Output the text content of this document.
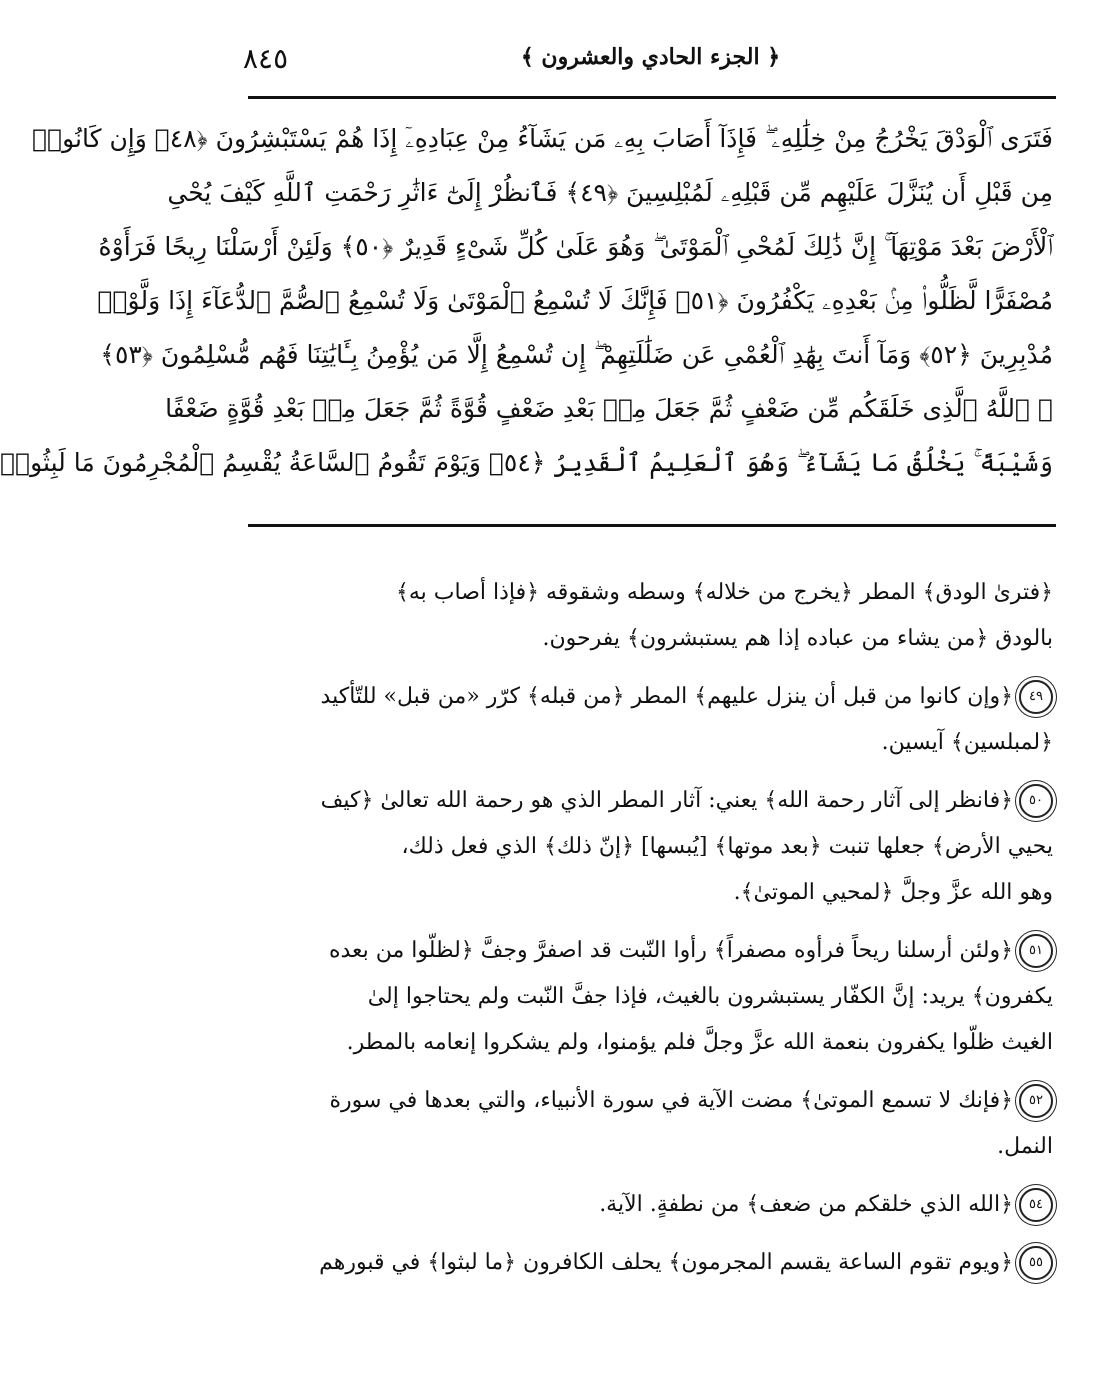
٨٤٥	﴿ الجزء الحادي والعشرون ﴾
فَتَرَى ٱلْوَدْقَ يَخْرُجُ مِنْ خِلَٰلِهِۦ ۖ فَإِذَآ أَصَابَ بِهِۦ مَن يَشَآءُ مِنْ عِبَادِهِۦٓ إِذَا هُمْ يَسْتَبْشِرُونَ ﴿٤٨﴾ وَإِن كَانُوا۟
مِن قَبْلِ أَن يُنَزَّلَ عَلَيْهِم مِّن قَبْلِهِۦ لَمُبْلِسِينَ ﴿٤٩﴾ فَٱنظُرْ إِلَىٰٓ ءَاثَٰرِ رَحْمَتِ ٱللَّهِ كَيْفَ يُحْىِ
ٱلْأَرْضَ بَعْدَ مَوْتِهَآ ۚ إِنَّ ذَٰلِكَ لَمُحْىِ ٱلْمَوْتَىٰ ۖ وَهُوَ عَلَىٰ كُلِّ شَىْءٍ قَدِيرٌ ﴿٥٠﴾ وَلَئِنْ أَرْسَلْنَا رِيحًا فَرَأَوْهُ
مُصْفَرًّا لَّظَلُّوا۟ مِنۢ بَعْدِهِۦ يَكْفُرُونَ ﴿٥١﴾ فَإِنَّكَ لَا تُسْمِعُ ٱلْمَوْتَىٰ وَلَا تُسْمِعُ ٱلصُّمَّ ٱلدُّعَآءَ إِذَا وَلَّوْا۟
مُدْبِرِينَ ﴿٥٢﴾ وَمَآ أَنتَ بِهَٰدِ ٱلْعُمْىِ عَن ضَلَٰلَتِهِمْ ۖ إِن تُسْمِعُ إِلَّا مَن يُؤْمِنُ بِـَٔايَٰتِنَا فَهُم مُّسْلِمُونَ ﴿٥٣﴾
۞ ٱللَّهُ ٱلَّذِى خَلَقَكُم مِّن ضَعْفٍ ثُمَّ جَعَلَ مِنۢ بَعْدِ ضَعْفٍ قُوَّةً ثُمَّ جَعَلَ مِنۢ بَعْدِ قُوَّةٍ ضَعْفًا
وَشَيْبَةً ۚ يَخْلُقُ مَا يَشَآءُ ۖ وَهُوَ ٱلْعَلِيمُ ٱلْقَدِيرُ ﴿٥٤﴾ وَيَوْمَ تَقُومُ ٱلسَّاعَةُ يُقْسِمُ ٱلْمُجْرِمُونَ مَا لَبِثُوا۟
﴿فترىٰ الودق﴾ المطر ﴿يخرج من خلاله﴾ وسطه وشقوقه ﴿فإذا أصاب به﴾
بالودق ﴿من يشاء من عباده إذا هم يستبشرون﴾ يفرحون.
٤٩﴿وإن كانوا من قبل أن ينزل عليهم﴾ المطر ﴿من قبله﴾ كرّر «من قبل» للتّأكيد
﴿لمبلسين﴾ آيسين.
٥٠﴿فانظر إلى آثار رحمة الله﴾ يعني: آثار المطر الذي هو رحمة الله تعالىٰ ﴿كيف
يحيي الأرض﴾ جعلها تنبت ﴿بعد موتها﴾ [يُبسها] ﴿إنّ ذلك﴾ الذي فعل ذلك،
وهو الله عزَّ وجلَّ ﴿لمحيي الموتىٰ﴾.
٥١﴿ولئن أرسلنا ريحاً فرأوه مصفراً﴾ رأوا النّبت قد اصفرَّ وجفَّ ﴿لظلّوا من بعده
يكفرون﴾ يريد: إنَّ الكفّار يستبشرون بالغيث، فإذا جفَّ النّبت ولم يحتاجوا إلىٰ
الغيث ظلّوا يكفرون بنعمة الله عزَّ وجلَّ فلم يؤمنوا، ولم يشكروا إنعامه بالمطر.
٥٢﴿فإنك لا تسمع الموتىٰ﴾ مضت الآية في سورة الأنبياء، والتي بعدها في سورة
النمل.
٥٤﴿الله الذي خلقكم من ضعف﴾ من نطفةٍ. الآية.
٥٥﴿ويوم تقوم الساعة يقسم المجرمون﴾ يحلف الكافرون ﴿ما لبثوا﴾ في قبورهم
